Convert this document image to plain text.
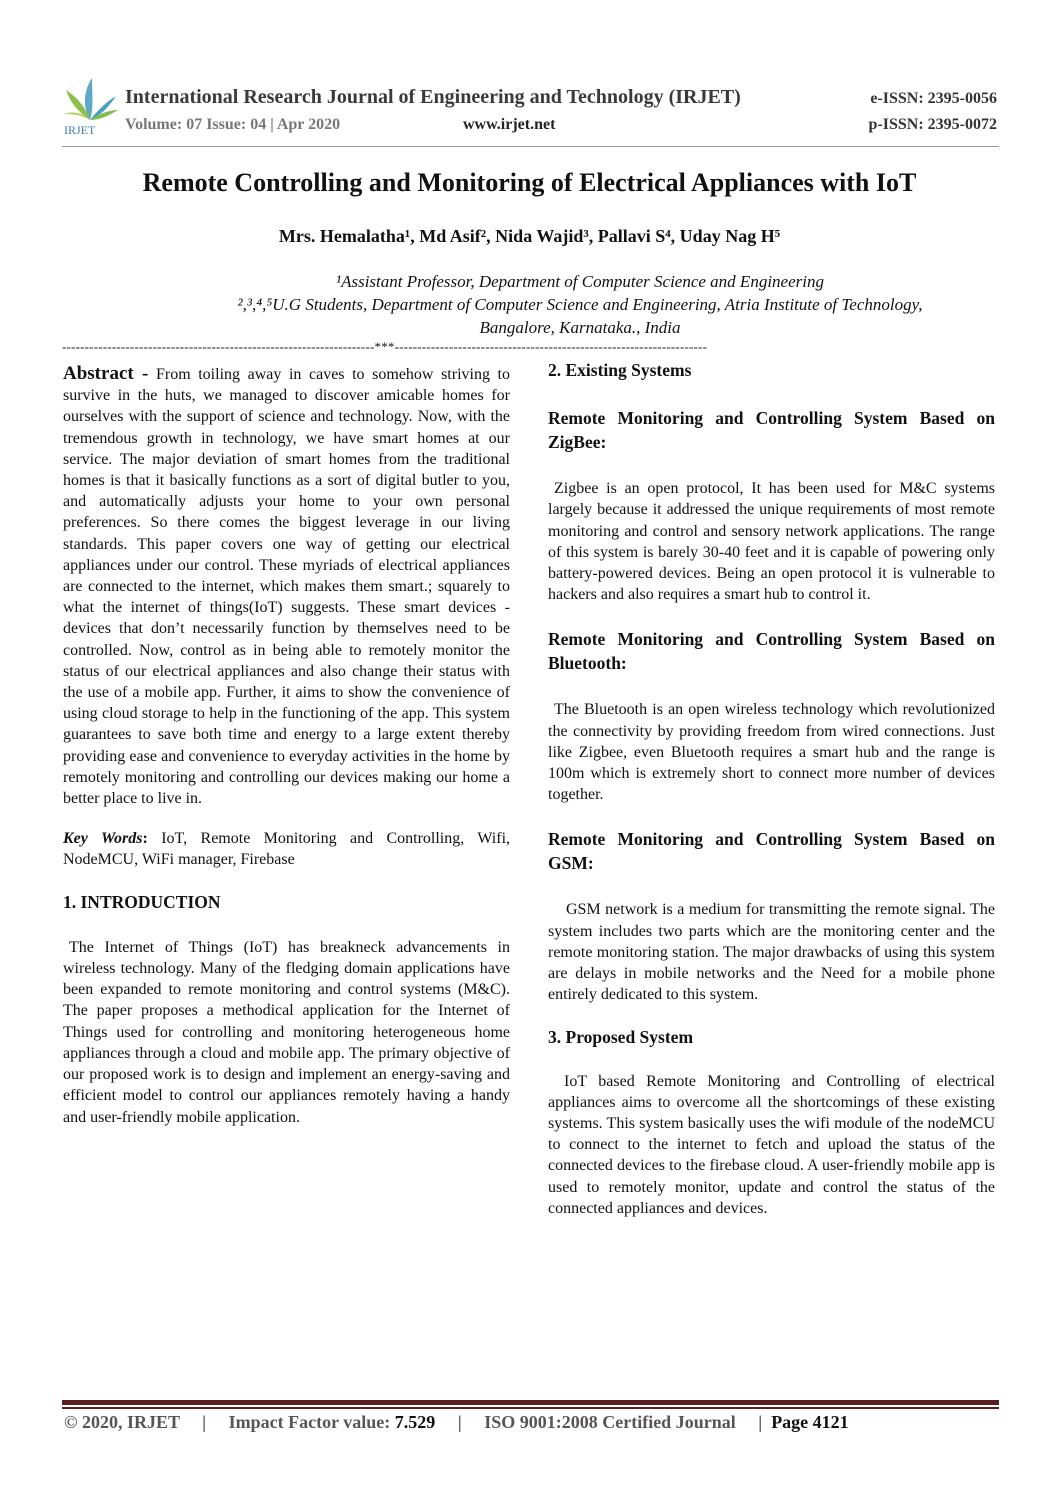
IRJET
International Research Journal of Engineering and Technology (IRJET)
Volume: 07 Issue: 04 | Apr 2020	www.irjet.net
e-ISSN: 2395-0056
p-ISSN: 2395-0072
Remote Controlling and Monitoring of Electrical Appliances with IoT
Mrs. Hemalatha¹, Md Asif², Nida Wajid³, Pallavi S⁴, Uday Nag H⁵
¹Assistant Professor, Department of Computer Science and Engineering
²,³,⁴,⁵U.G Students, Department of Computer Science and Engineering, Atria Institute of Technology,
Bangalore, Karnataka., India
---------------------------------------------------------------------***---------------------------------------------------------------------

Abstract - From toiling away in caves to somehow striving to survive in the huts, we managed to discover amicable homes for ourselves with the support of science and technology. Now, with the tremendous growth in technology, we have smart homes at our service. The major deviation of smart homes from the traditional homes is that it basically functions as a sort of digital butler to you, and automatically adjusts your home to your own personal preferences. So there comes the biggest leverage in our living standards. This paper covers one way of getting our electrical appliances under our control. These myriads of electrical appliances are connected to the internet, which makes them smart.; squarely to what the internet of things(IoT) suggests. These smart devices - devices that don’t necessarily function by themselves need to be controlled. Now, control as in being able to remotely monitor the status of our electrical appliances and also change their status with the use of a mobile app. Further, it aims to show the convenience of using cloud storage to help in the functioning of the app. This system guarantees to save both time and energy to a large extent thereby providing ease and convenience to everyday activities in the home by remotely monitoring and controlling our devices making our home a better place to live in.

Key Words: IoT, Remote Monitoring and Controlling, Wifi, NodeMCU, WiFi manager, Firebase

1. INTRODUCTION

The Internet of Things (IoT) has breakneck advancements in wireless technology. Many of the fledging domain applications have been expanded to remote monitoring and control systems (M&C). The paper proposes a methodical application for the Internet of Things used for controlling and monitoring heterogeneous home appliances through a cloud and mobile app. The primary objective of our proposed work is to design and implement an energy-saving and efficient model to control our appliances remotely having a handy and user-friendly mobile application.

2. Existing Systems

Remote Monitoring and Controlling System Based on ZigBee:

Zigbee is an open protocol, It has been used for M&C systems largely because it addressed the unique requirements of most remote monitoring and control and sensory network applications. The range of this system is barely 30-40 feet and it is capable of powering only battery-powered devices. Being an open protocol it is vulnerable to hackers and also requires a smart hub to control it.

Remote Monitoring and Controlling System Based on Bluetooth:

The Bluetooth is an open wireless technology which revolutionized the connectivity by providing freedom from wired connections. Just like Zigbee, even Bluetooth requires a smart hub and the range is 100m which is extremely short to connect more number of devices together.

Remote Monitoring and Controlling System Based on GSM:

GSM network is a medium for transmitting the remote signal. The system includes two parts which are the monitoring center and the remote monitoring station. The major drawbacks of using this system are delays in mobile networks and the Need for a mobile phone entirely dedicated to this system.

3. Proposed System

IoT based Remote Monitoring and Controlling of electrical appliances aims to overcome all the shortcomings of these existing systems. This system basically uses the wifi module of the nodeMCU to connect to the internet to fetch and upload the status of the connected devices to the firebase cloud. A user-friendly mobile app is used to remotely monitor, update and control the status of the connected appliances and devices.

© 2020, IRJET     |     Impact Factor value: 7.529     |     ISO 9001:2008 Certified Journal     |  Page 4121
